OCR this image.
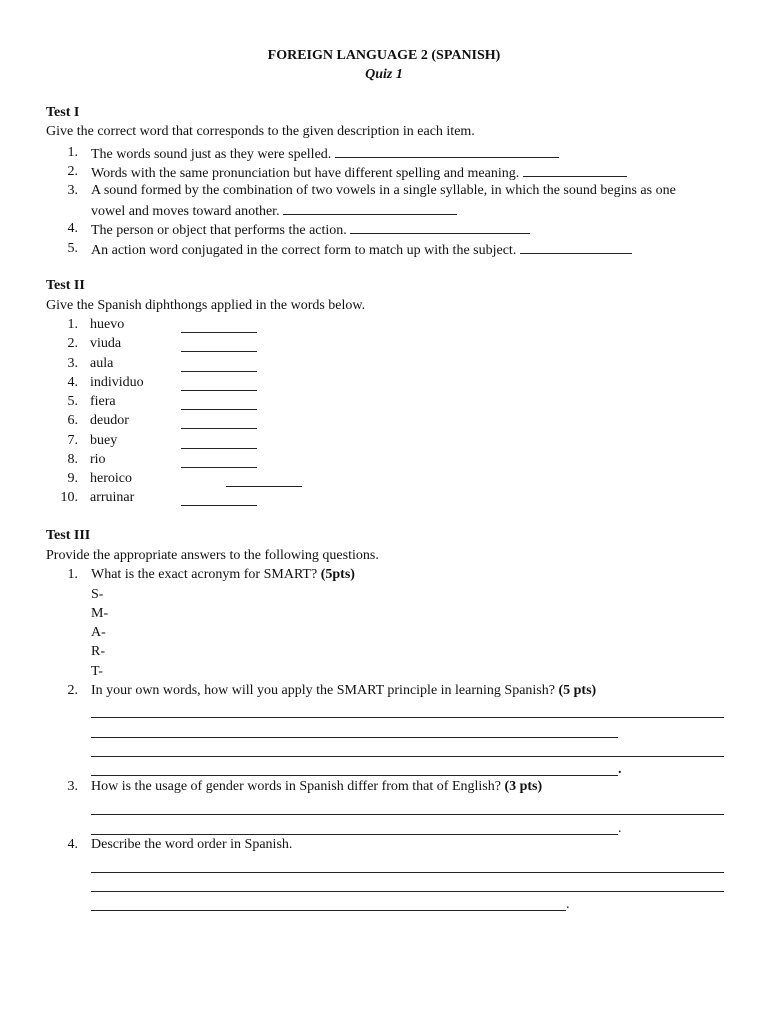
FOREIGN LANGUAGE 2 (SPANISH)
Quiz 1
Test I
Give the correct word that corresponds to the given description in each item.
1. The words sound just as they were spelled.
2. Words with the same pronunciation but have different spelling and meaning.
3. A sound formed by the combination of two vowels in a single syllable, in which the sound begins as one
vowel and moves toward another.
4. The person or object that performs the action.
5. An action word conjugated in the correct form to match up with the subject.
Test II
Give the Spanish diphthongs applied in the words below.
1. huevo
2. viuda
3. aula
4. individuo
5. fiera
6. deudor
7. buey
8. rio
9. heroico
10. arruinar
Test III
Provide the appropriate answers to the following questions.
1. What is the exact acronym for SMART? (5pts)
S-
M-
A-
R-
T-
2. In your own words, how will you apply the SMART principle in learning Spanish? (5 pts)
.
3. How is the usage of gender words in Spanish differ from that of English? (3 pts)
.
4. Describe the word order in Spanish.
.
